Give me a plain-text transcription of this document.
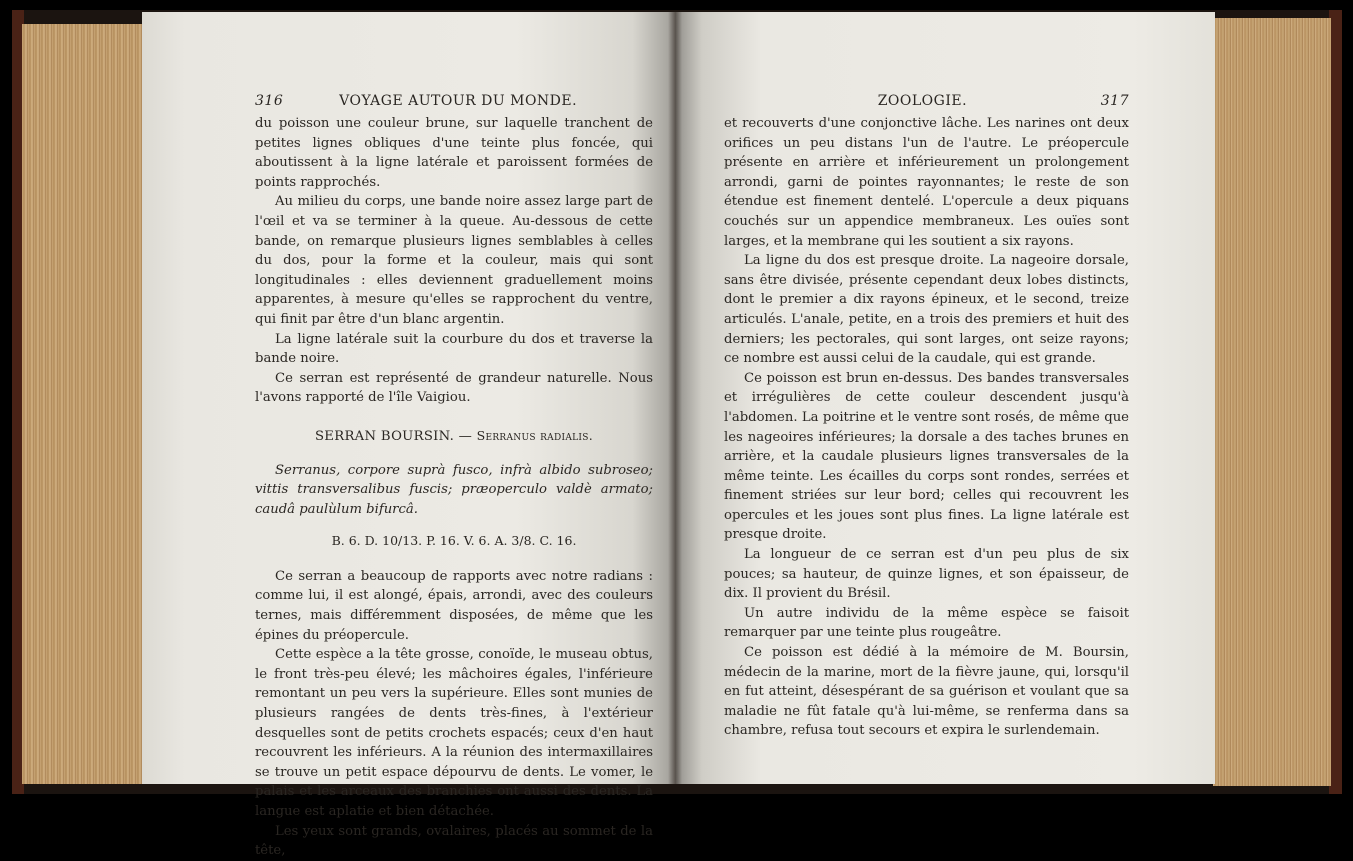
316	VOYAGE AUTOUR DU MONDE.

du poisson une couleur brune, sur laquelle tranchent de petites lignes obliques d'une teinte plus foncée, qui aboutissent à la ligne latérale et paroissent formées de points rapprochés.

Au milieu du corps, une bande noire assez large part de l'œil et va se terminer à la queue. Au-dessous de cette bande, on remarque plusieurs lignes semblables à celles du dos, pour la forme et la couleur, mais qui sont longitudinales : elles deviennent graduellement moins apparentes, à mesure qu'elles se rapprochent du ventre, qui finit par être d'un blanc argentin.

La ligne latérale suit la courbure du dos et traverse la bande noire.

Ce serran est représenté de grandeur naturelle. Nous l'avons rapporté de l'île Vaigiou.

SERRAN BOURSIN. — Serranus radialis.

Serranus, corpore suprà fusco, infrà albido subroseo; vittis transversalibus fuscis; præoperculo valdè armato; caudâ paulùlum bifurcâ.

B. 6. D. 10/13. P. 16. V. 6. A. 3/8. C. 16.

Ce serran a beaucoup de rapports avec notre radians : comme lui, il est alongé, épais, arrondi, avec des couleurs ternes, mais différemment disposées, de même que les épines du préopercule.

Cette espèce a la tête grosse, conoïde, le museau obtus, le front très-peu élevé; les mâchoires égales, l'inférieure remontant un peu vers la supérieure. Elles sont munies de plusieurs rangées de dents très-fines, à l'extérieur desquelles sont de petits crochets espacés; ceux d'en haut recouvrent les inférieurs. A la réunion des intermaxillaires se trouve un petit espace dépourvu de dents. Le vomer, le palais et les arceaux des branchies ont aussi des dents. La langue est aplatie et bien détachée.

Les yeux sont grands, ovalaires, placés au sommet de la tête,

ZOOLOGIE.	317

et recouverts d'une conjonctive lâche. Les narines ont deux orifices un peu distans l'un de l'autre. Le préopercule présente en arrière et inférieurement un prolongement arrondi, garni de pointes rayonnantes; le reste de son étendue est finement dentelé. L'opercule a deux piquans couchés sur un appendice membraneux. Les ouïes sont larges, et la membrane qui les soutient a six rayons.

La ligne du dos est presque droite. La nageoire dorsale, sans être divisée, présente cependant deux lobes distincts, dont le premier a dix rayons épineux, et le second, treize articulés. L'anale, petite, en a trois des premiers et huit des derniers; les pectorales, qui sont larges, ont seize rayons; ce nombre est aussi celui de la caudale, qui est grande.

Ce poisson est brun en-dessus. Des bandes transversales et irrégulières de cette couleur descendent jusqu'à l'abdomen. La poitrine et le ventre sont rosés, de même que les nageoires inférieures; la dorsale a des taches brunes en arrière, et la caudale plusieurs lignes transversales de la même teinte. Les écailles du corps sont rondes, serrées et finement striées sur leur bord; celles qui recouvrent les opercules et les joues sont plus fines. La ligne latérale est presque droite.

La longueur de ce serran est d'un peu plus de six pouces; sa hauteur, de quinze lignes, et son épaisseur, de dix. Il provient du Brésil.

Un autre individu de la même espèce se faisoit remarquer par une teinte plus rougeâtre.

Ce poisson est dédié à la mémoire de M. Boursin, médecin de la marine, mort de la fièvre jaune, qui, lorsqu'il en fut atteint, désespérant de sa guérison et voulant que sa maladie ne fût fatale qu'à lui-même, se renferma dans sa chambre, refusa tout secours et expira le surlendemain.
